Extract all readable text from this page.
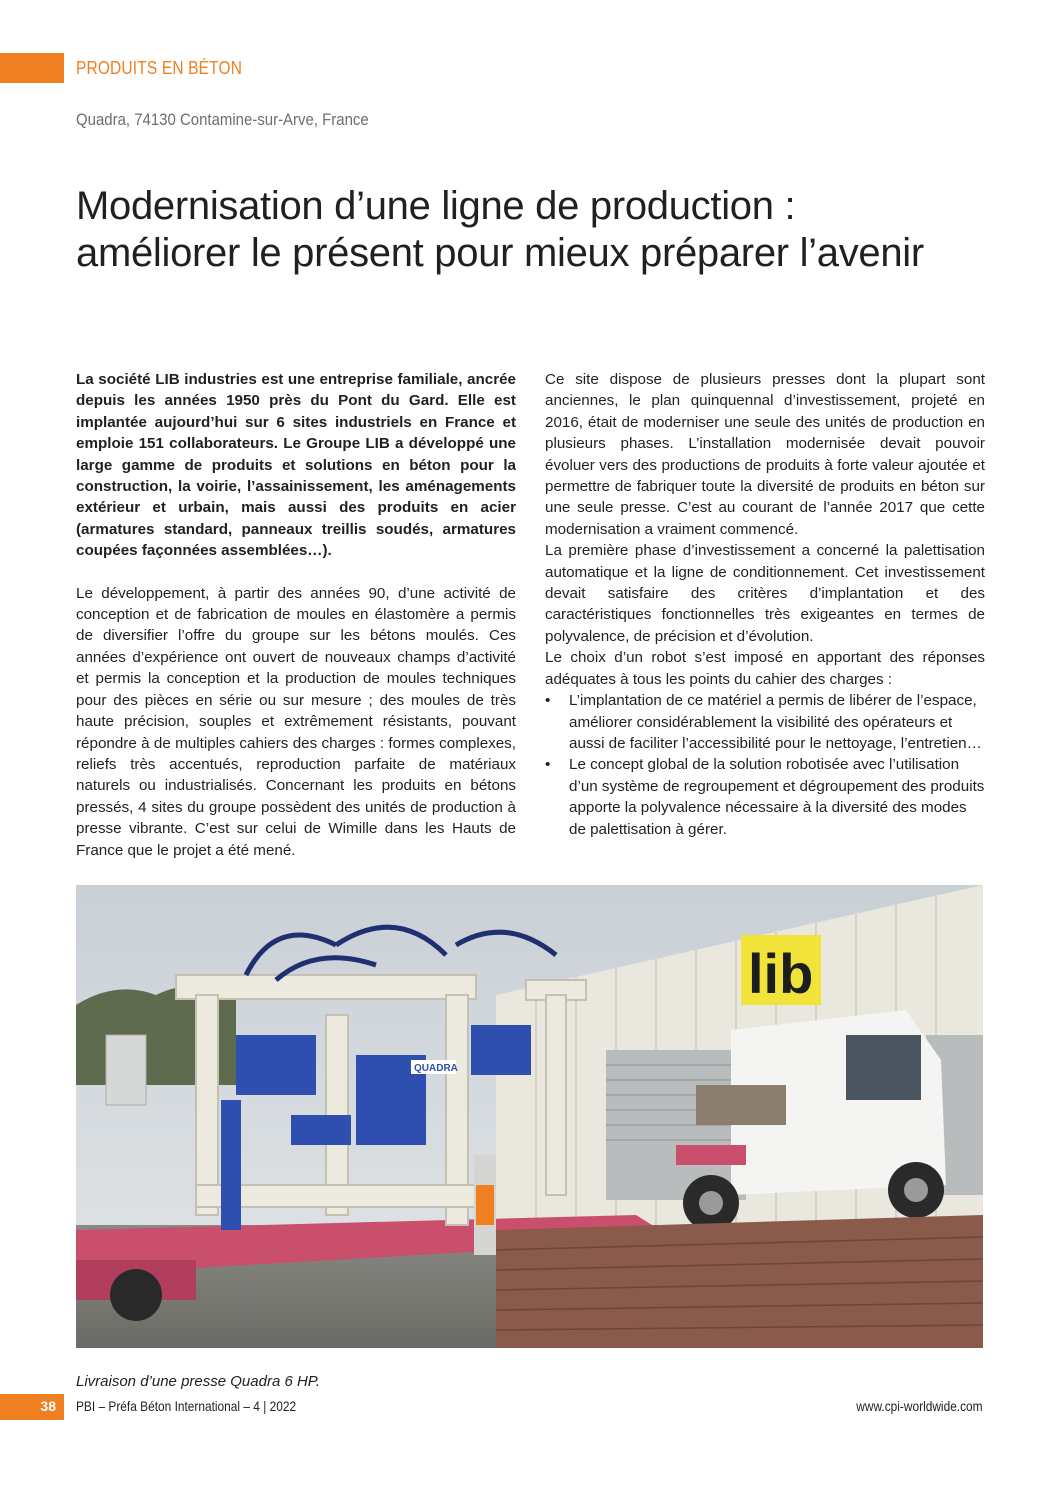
PRODUITS EN BÉTON
Quadra, 74130 Contamine-sur-Arve, France
Modernisation d’une ligne de production :
améliorer le présent pour mieux préparer l’avenir

La société LIB industries est une entreprise familiale, ancrée depuis les années 1950 près du Pont du Gard. Elle est implantée aujourd’hui sur 6 sites industriels en France et emploie 151 collaborateurs. Le Groupe LIB a développé une large gamme de produits et solutions en béton pour la construction, la voirie, l’assainissement, les aménagements extérieur et urbain, mais aussi des produits en acier (armatures standard, panneaux treillis soudés, armatures coupées façonnées assemblées…).

Le développement, à partir des années 90, d’une activité de conception et de fabrication de moules en élastomère a permis de diversifier l’offre du groupe sur les bétons moulés. Ces années d’expérience ont ouvert de nouveaux champs d’activité et permis la conception et la production de moules techniques pour des pièces en série ou sur mesure ; des moules de très haute précision, souples et extrêmement résistants, pouvant répondre à de multiples cahiers des charges : formes complexes, reliefs très accentués, reproduction parfaite de matériaux naturels ou industrialisés. Concernant les produits en bétons pressés, 4 sites du groupe possèdent des unités de production à presse vibrante. C’est sur celui de Wimille dans les Hauts de France que le projet a été mené.

Ce site dispose de plusieurs presses dont la plupart sont anciennes, le plan quinquennal d’investissement, projeté en 2016, était de moderniser une seule des unités de production en plusieurs phases. L’installation modernisée devait pouvoir évoluer vers des productions de produits à forte valeur ajoutée et permettre de fabriquer toute la diversité de produits en béton sur une seule presse. C’est au courant de l’année 2017 que cette modernisation a vraiment commencé.

La première phase d’investissement a concerné la palettisation automatique et la ligne de conditionnement. Cet investissement devait satisfaire des critères d’implantation et des caractéristiques fonctionnelles très exigeantes en termes de polyvalence, de précision et d’évolution.

Le choix d’un robot s’est imposé en apportant des réponses adéquates à tous les points du cahier des charges :

• L’implantation de ce matériel a permis de libérer de l’espace, améliorer considérablement la visibilité des opérateurs et aussi de faciliter l’accessibilité pour le nettoyage, l’entretien…
• Le concept global de la solution robotisée avec l’utilisation d’un système de regroupement et dégroupement des produits apporte la polyvalence nécessaire à la diversité des modes de palettisation à gérer.
lib
QUADRA
Livraison d’une presse Quadra 6 HP.
38 PBI – Préfa Béton International – 4 | 2022	www.cpi-worldwide.com
